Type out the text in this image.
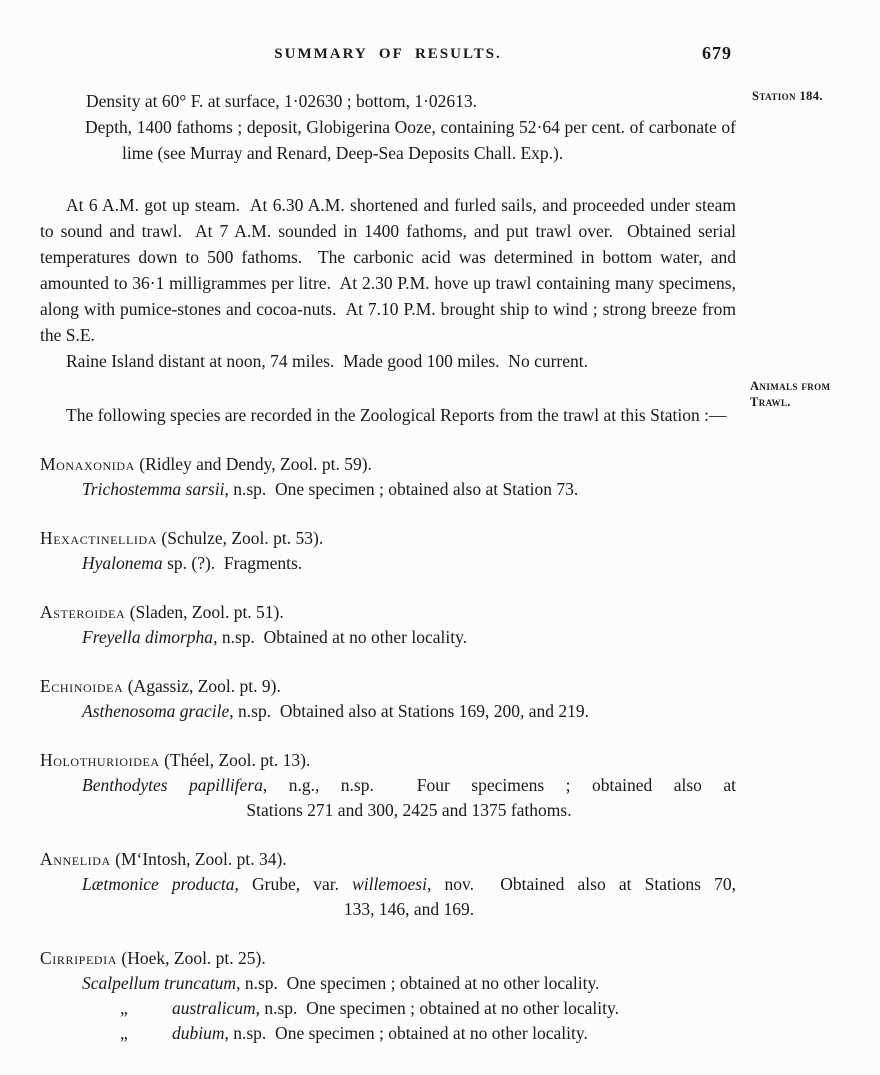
SUMMARY OF RESULTS.	679
Density at 60° F. at surface, 1·02630 ; bottom, 1·02613.
Depth, 1400 fathoms ; deposit, Globigerina Ooze, containing 52·64 per cent. of carbonate of lime (see Murray and Renard, Deep-Sea Deposits Chall. Exp.).
At 6 A.M. got up steam.  At 6.30 A.M. shortened and furled sails, and proceeded under steam to sound and trawl.  At 7 A.M. sounded in 1400 fathoms, and put trawl over.  Obtained serial temperatures down to 500 fathoms.  The carbonic acid was determined in bottom water, and amounted to 36·1 milligrammes per litre.  At 2.30 P.M. hove up trawl containing many specimens, along with pumice-stones and cocoa-nuts.  At 7.10 P.M. brought ship to wind ; strong breeze from the S.E.
Raine Island distant at noon, 74 miles.  Made good 100 miles.  No current.
The following species are recorded in the Zoological Reports from the trawl at this Station :—
Monaxonida (Ridley and Dendy, Zool. pt. 59).
Trichostemma sarsii, n.sp.  One specimen ; obtained also at Station 73.
Hexactinellida (Schulze, Zool. pt. 53).
Hyalonema sp. (?).  Fragments.
Asteroidea (Sladen, Zool. pt. 51).
Freyella dimorpha, n.sp.  Obtained at no other locality.
Echinoidea (Agassiz, Zool. pt. 9).
Asthenosoma gracile, n.sp.  Obtained also at Stations 169, 200, and 219.
Holothurioidea (Théel, Zool. pt. 13).
Benthodytes papillifera, n.g., n.sp.  Four specimens ; obtained also at
Stations 271 and 300, 2425 and 1375 fathoms.
Annelida (M‘Intosh, Zool. pt. 34).
Lætmonice producta, Grube, var. willemoesi, nov.  Obtained also at Stations 70,
133, 146, and 169.
Cirripedia (Hoek, Zool. pt. 25).
Scalpellum truncatum, n.sp.  One specimen ; obtained at no other locality.
„	australicum, n.sp.  One specimen ; obtained at no other locality.
„	dubium, n.sp.  One specimen ; obtained at no other locality.
Station 184.
Animals from Trawl.
